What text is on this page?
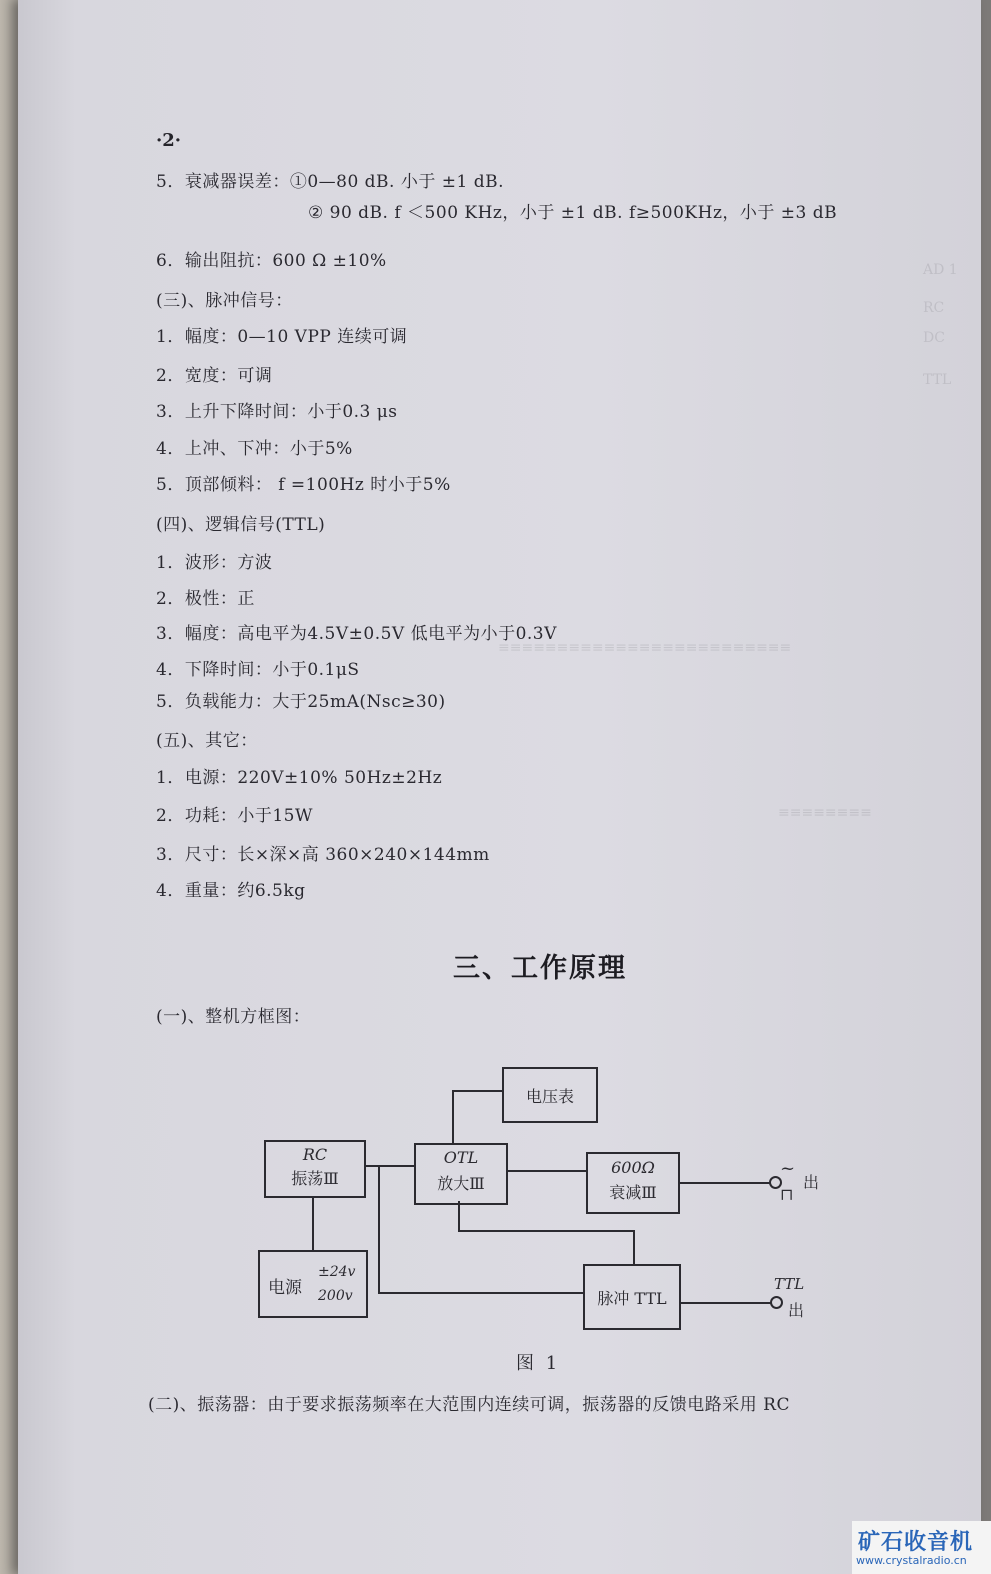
AD 1
RC
DC
TTL
≡≡≡≡≡≡≡≡≡≡≡≡≡≡≡≡≡≡≡≡≡≡≡≡≡
≡≡≡≡≡≡≡≡
·2·
5．衰减器误差：①0—80 dB. 小于 ±1 dB.
② 90 dB. f ＜500 KHz，小于 ±1 dB. f≥500KHz，小于 ±3 dB
6．输出阻抗：600 Ω ±10%
(三)、脉冲信号：
1．幅度：0—10 VPP 连续可调
2．宽度：可调
3．上升下降时间：小于0.3 μs
4．上冲、下冲：小于5%
5．顶部倾料： f =100Hz 时小于5%
(四)、逻辑信号(TTL)
1．波形：方波
2．极性：正
3．幅度：高电平为4.5V±0.5V 低电平为小于0.3V
4．下降时间：小于0.1μS
5．负载能力：大于25mA(Nsc≥30)
(五)、其它：
1．电源：220V±10% 50Hz±2Hz
2．功耗：小于15W
3．尺寸：长×深×高 360×240×144mm
4．重量：约6.5kg
三、工作原理
(一)、整机方框图：
电压表
RC
振荡Ⅲ
OTL
放大Ⅲ
600Ω
衰减Ⅲ
电源
±24v
200v	脉冲 TTL
~
⊓
出
TTL
出
图 1
(二)、振荡器：由于要求振荡频率在大范围内连续可调，振荡器的反馈电路采用 RC
矿石收音机
www.crystalradio.cn
